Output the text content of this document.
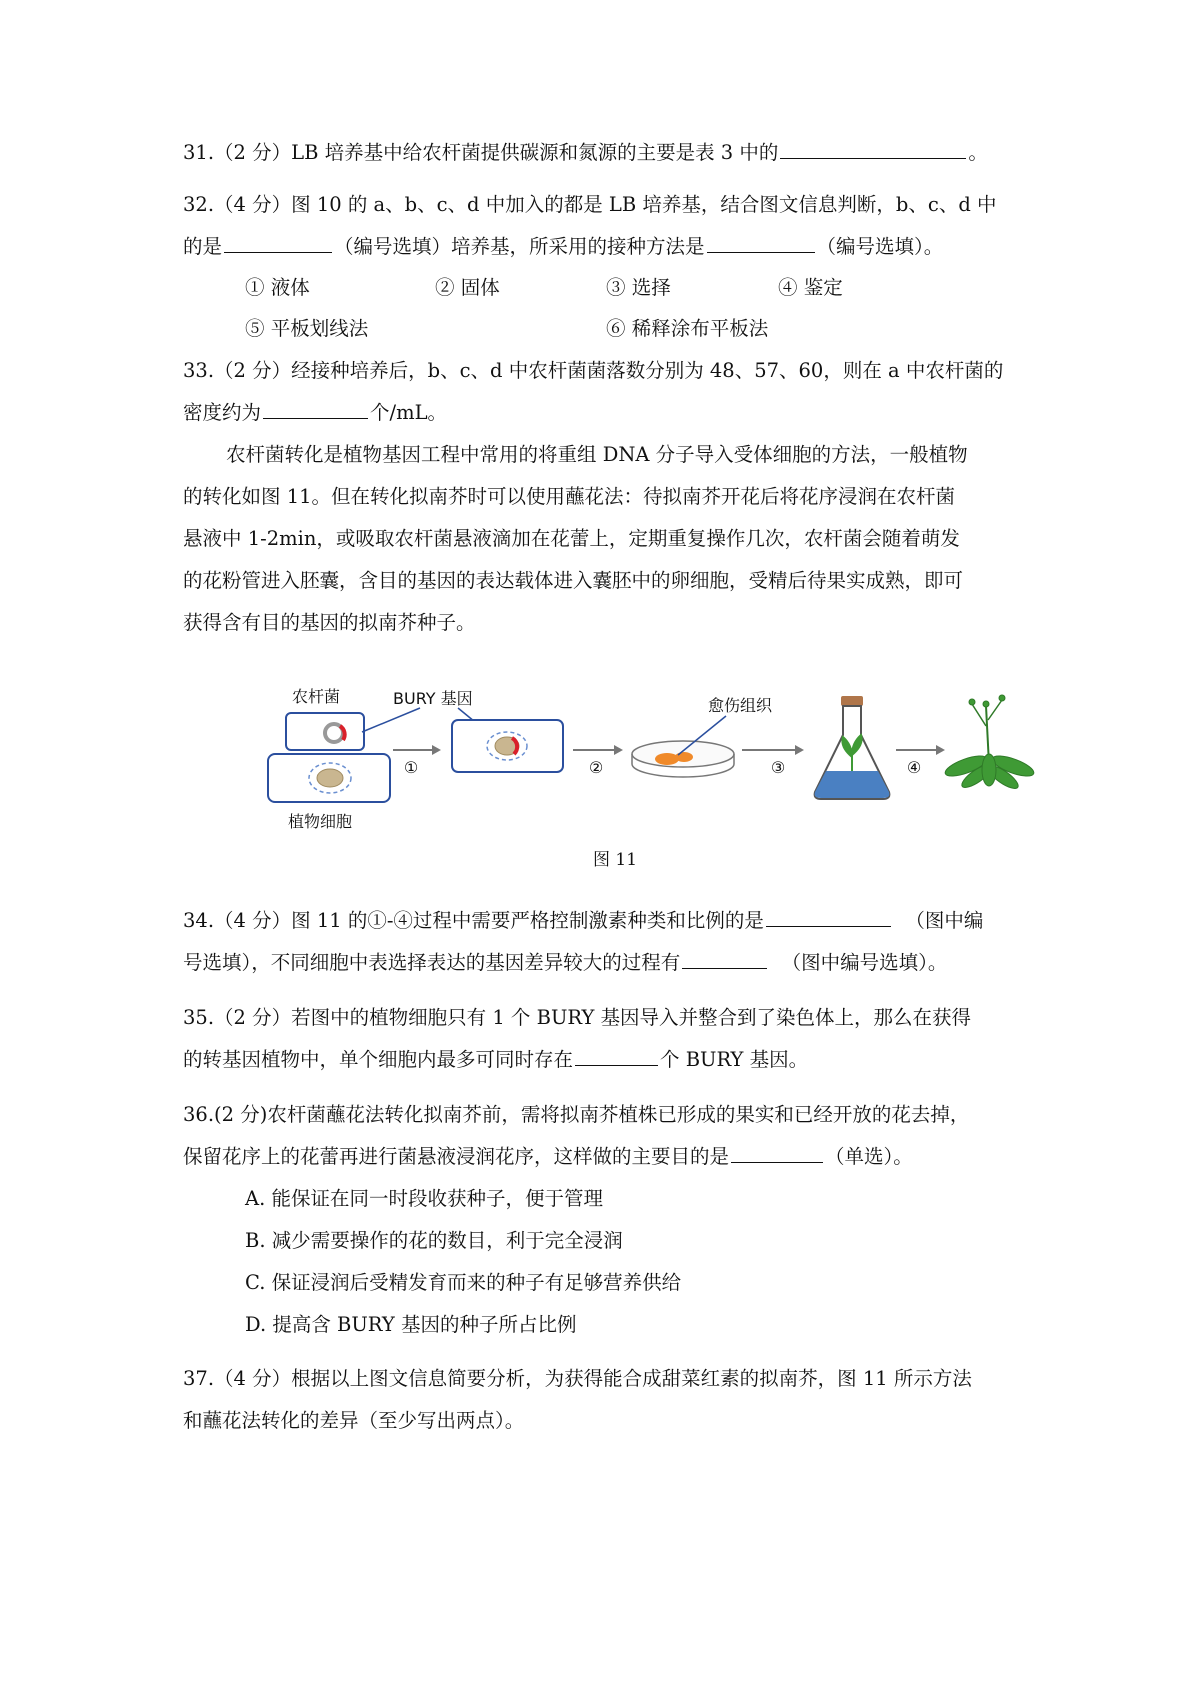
31.（2 分）LB 培养基中给农杆菌提供碳源和氮源的主要是表 3 中的	。
32.（4 分）图 10 的 a、b、c、d 中加入的都是 LB 培养基，结合图文信息判断，b、c、d 中
的是	（编号选填）培养基，所采用的接种方法是	（编号选填）。
① 液体	② 固体	③ 选择	④ 鉴定
⑤ 平板划线法	⑥ 稀释涂布平板法
33.（2 分）经接种培养后，b、c、d 中农杆菌菌落数分别为 48、57、60，则在 a 中农杆菌的
密度约为	个/mL。
农杆菌转化是植物基因工程中常用的将重组 DNA 分子导入受体细胞的方法，一般植物
的转化如图 11。但在转化拟南芥时可以使用蘸花法：待拟南芥开花后将花序浸润在农杆菌
悬液中 1-2min，或吸取农杆菌悬液滴加在花蕾上，定期重复操作几次，农杆菌会随着萌发
的花粉管进入胚囊，含目的基因的表达载体进入囊胚中的卵细胞，受精后待果实成熟，即可
获得含有目的基因的拟南芥种子。
农杆菌	BURY 基因
植物细胞
愈伤组织
①	②	③	④
图 11
34.（4 分）图 11 的①-④过程中需要严格控制激素种类和比例的是	（图中编
号选填），不同细胞中表选择表达的基因差异较大的过程有	（图中编号选填）。
35.（2 分）若图中的植物细胞只有 1 个 BURY 基因导入并整合到了染色体上，那么在获得
的转基因植物中，单个细胞内最多可同时存在	个 BURY 基因。
36.(2 分)农杆菌蘸花法转化拟南芥前，需将拟南芥植株已形成的果实和已经开放的花去掉，
保留花序上的花蕾再进行菌悬液浸润花序，这样做的主要目的是	（单选）。
A. 能保证在同一时段收获种子，便于管理
B. 减少需要操作的花的数目，利于完全浸润
C. 保证浸润后受精发育而来的种子有足够营养供给
D. 提高含 BURY 基因的种子所占比例
37.（4 分）根据以上图文信息简要分析，为获得能合成甜菜红素的拟南芥，图 11 所示方法
和蘸花法转化的差异（至少写出两点）。
